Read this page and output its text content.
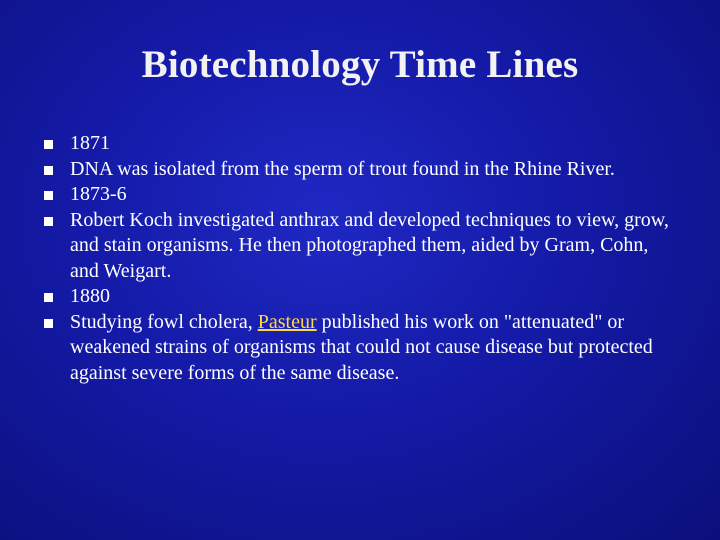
Biotechnology Time Lines
1871
DNA was isolated from the sperm of trout found in the Rhine River.
1873-6
Robert Koch investigated anthrax and developed techniques to view, grow, and stain organisms. He then photographed them, aided by Gram, Cohn, and Weigart.
1880
Studying fowl cholera, Pasteur published his work on "attenuated" or weakened strains of organisms that could not cause disease but protected against severe forms of the same disease.
